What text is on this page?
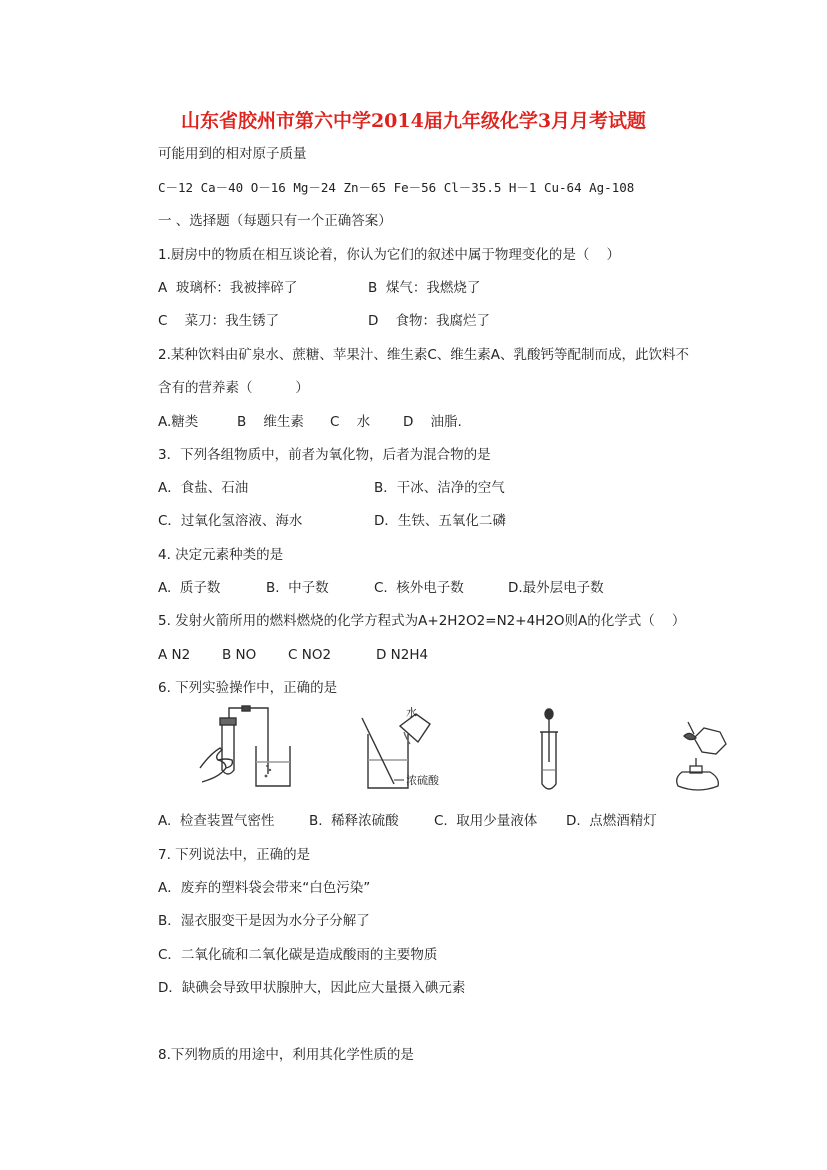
山东省胶州市第六中学2014届九年级化学3月月考试题
可能用到的相对原子质量
C－12 Ca－40 O－16 Mg－24 Zn－65 Fe－56 Cl－35.5 H－1 Cu-64 Ag-108
一 、选择题（每题只有一个正确答案）
1.厨房中的物质在相互谈论着，你认为它们的叙述中属于物理变化的是（    ）
A  玻璃杯：我被摔碎了	B  煤气：我燃烧了
C    菜刀：我生锈了	D    食物：我腐烂了
2.某种饮料由矿泉水、蔗糖、苹果汁、维生素C、维生素A、乳酸钙等配制而成，此饮料不
含有的营养素（          ）
A.糖类	B    维生素 C    水 D    油脂.
3．下列各组物质中，前者为氧化物，后者为混合物的是
A．食盐、石油	B．干冰、洁净的空气
C．过氧化氢溶液、海水	D．生铁、五氧化二磷
4. 决定元素种类的是
A.  质子数	B.  中子数	C.  核外电子数	D.最外层电子数
5. 发射火箭所用的燃料燃烧的化学方程式为A+2H2O2=N2+4H2O则A的化学式（    ）
A N2 B NO C NO2	D N2H4
6. 下列实验操作中，正确的是
水
浓硫酸
A.  检查装置气密性	B.  稀释浓硫酸	C.  取用少量液体 D.  点燃酒精灯
7. 下列说法中，正确的是
A．废弃的塑料袋会带来“白色污染”
B．湿衣服变干是因为水分子分解了
C．二氧化硫和二氧化碳是造成酸雨的主要物质
D．缺碘会导致甲状腺肿大，因此应大量摄入碘元素
8.下列物质的用途中，利用其化学性质的是
